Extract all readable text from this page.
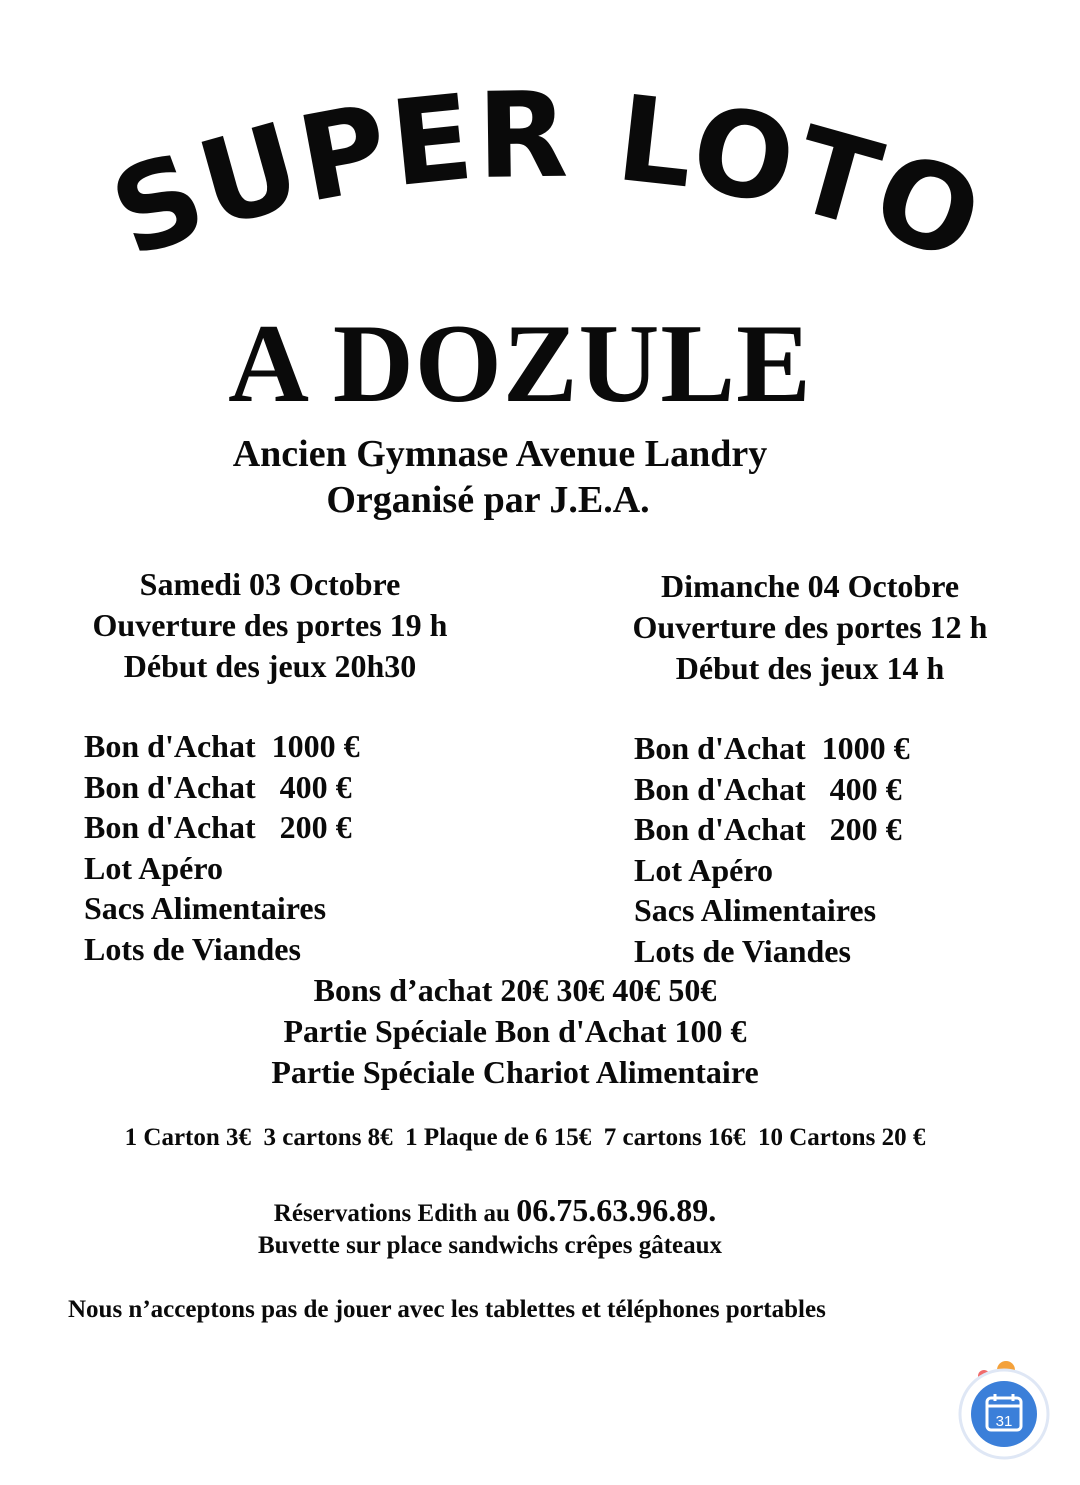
SUPER LOTO
A DOZULE
Ancien Gymnase Avenue Landry
Organisé par J.E.A.
Samedi 03 Octobre
Ouverture des portes 19 h
Début des jeux 20h30
Dimanche 04 Octobre
Ouverture des portes 12 h
Début des jeux 14 h
Bon d'Achat  1000 €
Bon d'Achat   400 €
Bon d'Achat   200 €
Lot Apéro
Sacs Alimentaires
Lots de Viandes
Bon d'Achat  1000 €
Bon d'Achat   400 €
Bon d'Achat   200 €
Lot Apéro
Sacs Alimentaires
Lots de Viandes
Bons d’achat 20€ 30€ 40€ 50€
Partie Spéciale Bon d'Achat 100 €
Partie Spéciale Chariot Alimentaire
1 Carton 3€  3 cartons 8€  1 Plaque de 6 15€  7 cartons 16€  10 Cartons 20 €
Réservations Edith au 06.75.63.96.89.
Buvette sur place sandwichs crêpes gâteaux
Nous n’acceptons pas de jouer avec les tablettes et téléphones portables
31
